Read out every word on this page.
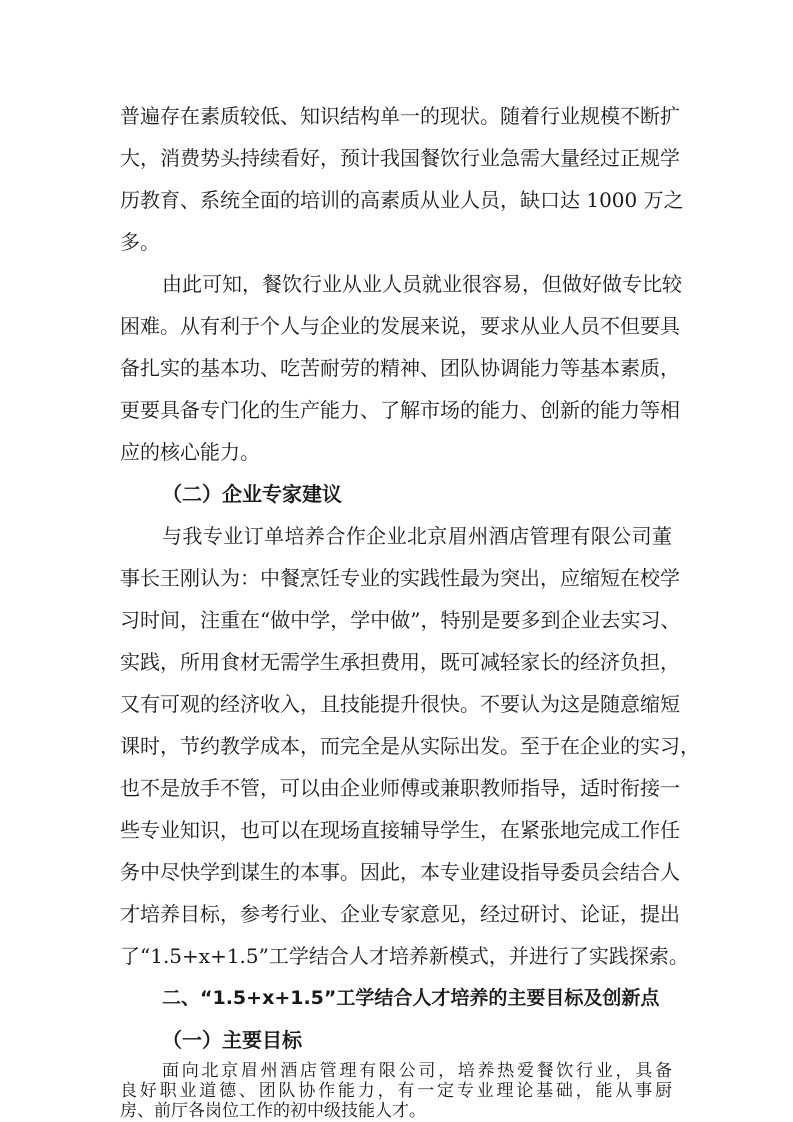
普遍存在素质较低、知识结构单一的现状。随着行业规模不断扩
大，消费势头持续看好，预计我国餐饮行业急需大量经过正规学
历教育、系统全面的培训的高素质从业人员，缺口达 1000 万之
多。
由此可知，餐饮行业从业人员就业很容易，但做好做专比较
困难。从有利于个人与企业的发展来说，要求从业人员不但要具
备扎实的基本功、吃苦耐劳的精神、团队协调能力等基本素质，
更要具备专门化的生产能力、了解市场的能力、创新的能力等相
应的核心能力。
（二）企业专家建议
与我专业订单培养合作企业北京眉州酒店管理有限公司董
事长王刚认为：中餐烹饪专业的实践性最为突出，应缩短在校学
习时间，注重在“做中学，学中做”，特别是要多到企业去实习、
实践，所用食材无需学生承担费用，既可减轻家长的经济负担，
又有可观的经济收入，且技能提升很快。不要认为这是随意缩短
课时，节约教学成本，而完全是从实际出发。至于在企业的实习，
也不是放手不管，可以由企业师傅或兼职教师指导，适时衔接一
些专业知识，也可以在现场直接辅导学生，在紧张地完成工作任
务中尽快学到谋生的本事。因此，本专业建设指导委员会结合人
才培养目标，参考行业、企业专家意见，经过研讨、论证，提出
了“1.5+x+1.5”工学结合人才培养新模式，并进行了实践探索。
二、“1.5+x+1.5”工学结合人才培养的主要目标及创新点
（一）主要目标
面向北京眉州酒店管理有限公司，培养热爱餐饮行业，具备
良好职业道德、团队协作能力，有一定专业理论基础，能从事厨
房、前厅各岗位工作的初中级技能人才。
